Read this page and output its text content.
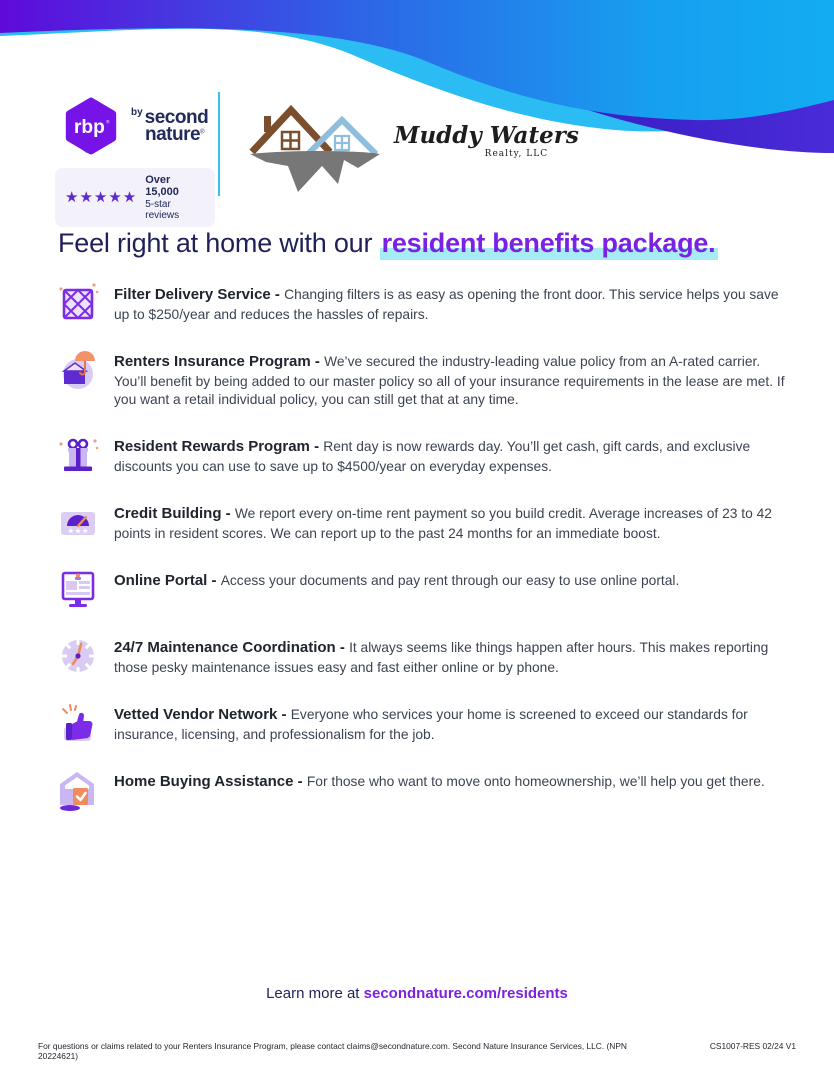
rbp ®
$^{by}$ second
nature®
★★★★★
Over 15,000
5-star reviews
Muddy Waters
Realty, LLC
Feel right at home with our resident benefits package.

Filter Delivery Service - Changing filters is as easy as opening the front door. This service helps you save up to $250/year and reduces the hassles of repairs.

Renters Insurance Program - We’ve secured the industry-leading value policy from an A-rated carrier. You’ll benefit by being added to our master policy so all of your insurance requirements in the lease are met. If you want a retail individual policy, you can still get that at any time.

Resident Rewards Program - Rent day is now rewards day. You’ll get cash, gift cards, and exclusive discounts you can use to save up to $4500/year on everyday expenses.

★★★

Credit Building - We report every on-time rent payment so you build credit. Average increases of 23 to 42 points in resident scores. We can report up to the past 24 months for an immediate boost.

Online Portal - Access your documents and pay rent through our easy to use online portal.

24/7 Maintenance Coordination - It always seems like things happen after hours. This makes reporting those pesky maintenance issues easy and fast either online or by phone.

Vetted Vendor Network - Everyone who services your home is screened to exceed our standards for insurance, licensing, and professionalism for the job.

Home Buying Assistance - For those who want to move onto homeownership, we’ll help you get there.

Learn more at secondnature.com/residents
For questions or claims related to your Renters Insurance Program, please contact claims@secondnature.com. Second Nature Insurance Services, LLC. (NPN 20224621)
CS1007-RES 02/24 V1
